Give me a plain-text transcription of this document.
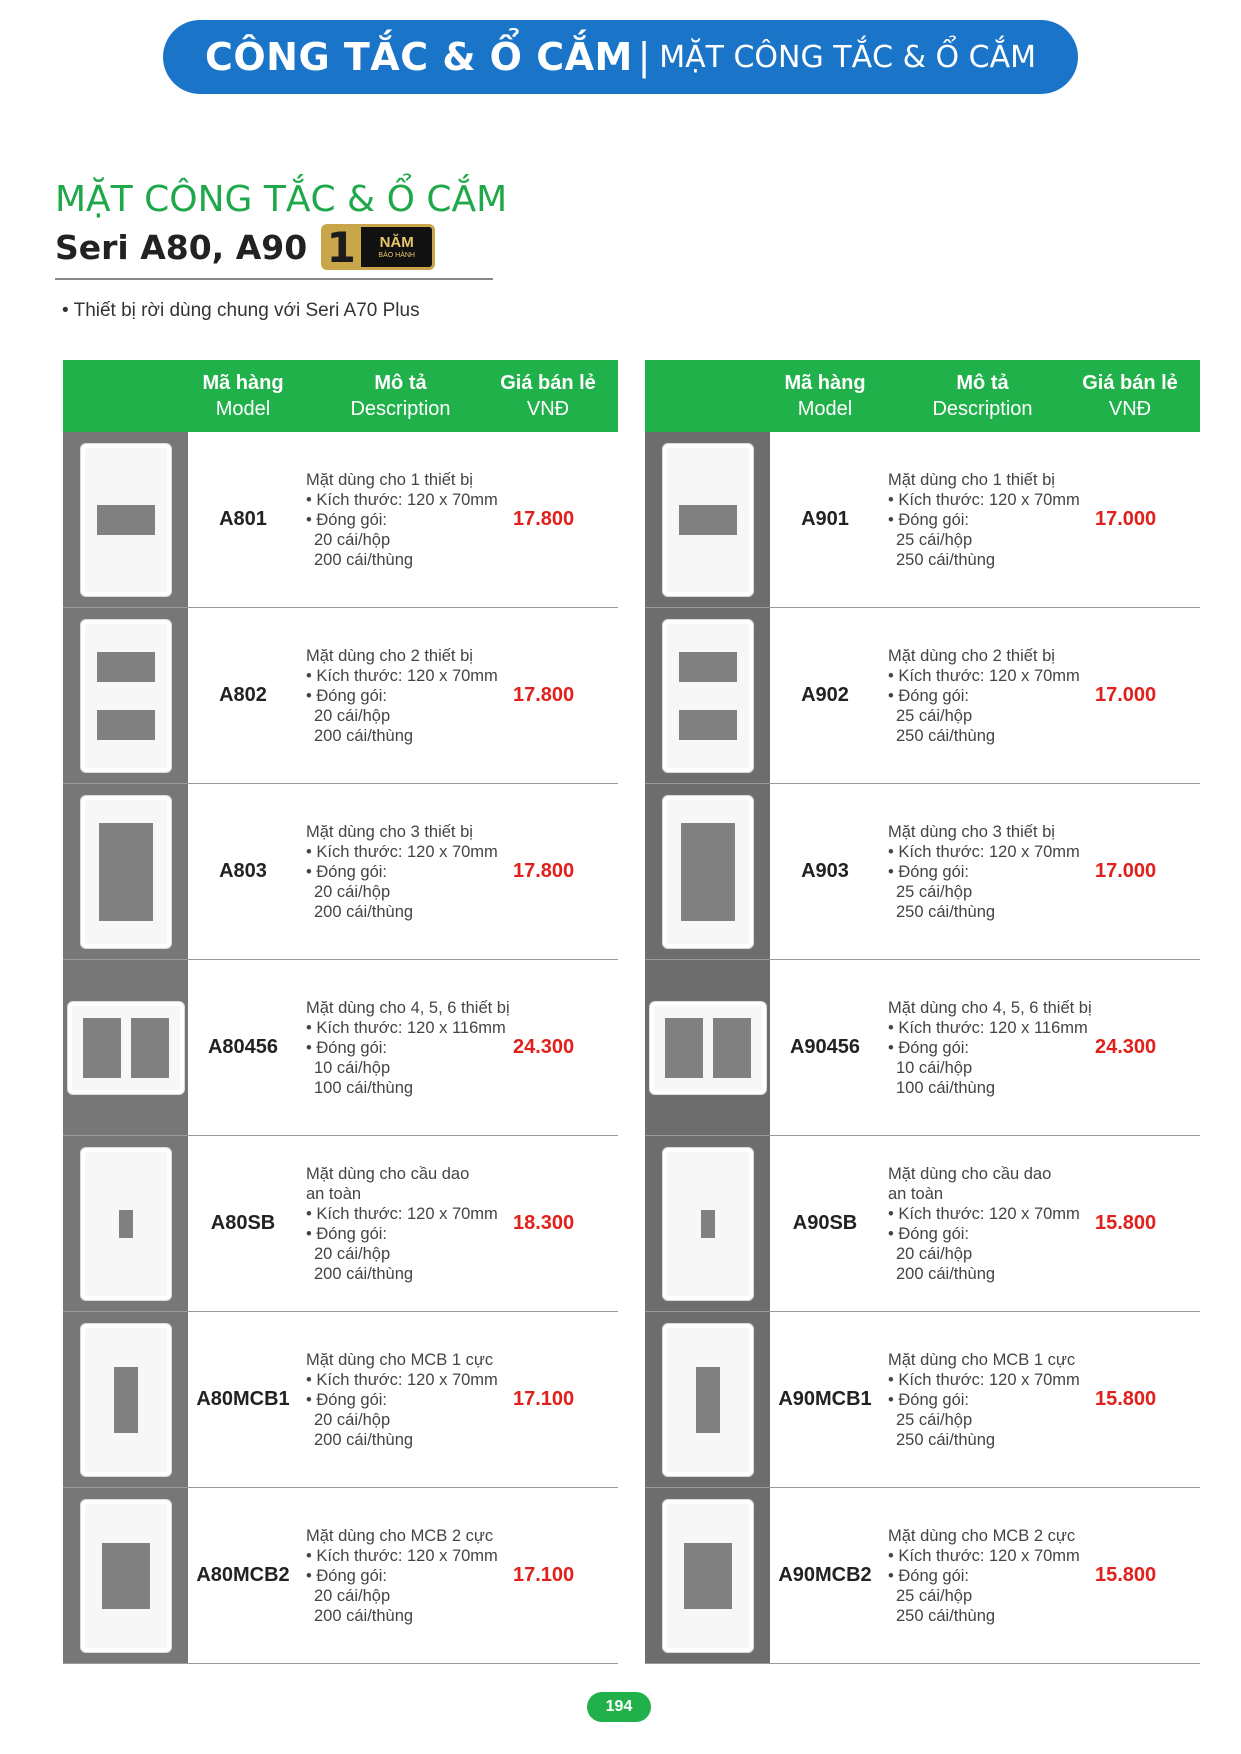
CÔNG TẮC & Ổ CẮM | MẶT CÔNG TẮC & Ổ CẮM
MẶT CÔNG TẮC & Ổ CẮM
Seri A80, A90 1	NĂM
BẢO HÀNH
• Thiết bị rời dùng chung với Seri A70 Plus
Mã hàng
Model
Mô tả
Description
Giá bán lẻ
VNĐ
A801
Mặt dùng cho 1 thiết bị
• Kích thước: 120 x 70mm
• Đóng gói:
20 cái/hộp
200 cái/thùng
17.800
A802
Mặt dùng cho 2 thiết bị
• Kích thước: 120 x 70mm
• Đóng gói:
20 cái/hộp
200 cái/thùng
17.800
A803
Mặt dùng cho 3 thiết bị
• Kích thước: 120 x 70mm
• Đóng gói:
20 cái/hộp
200 cái/thùng
17.800
A80456
Mặt dùng cho 4, 5, 6 thiết bị
• Kích thước: 120 x 116mm
• Đóng gói:
10 cái/hộp
100 cái/thùng
24.300
A80SB
Mặt dùng cho cầu dao
an toàn
• Kích thước: 120 x 70mm
• Đóng gói:
20 cái/hộp
200 cái/thùng
18.300
A80MCB1
Mặt dùng cho MCB 1 cực
• Kích thước: 120 x 70mm
• Đóng gói:
20 cái/hộp
200 cái/thùng
17.100
A80MCB2
Mặt dùng cho MCB 2 cực
• Kích thước: 120 x 70mm
• Đóng gói:
20 cái/hộp
200 cái/thùng
17.100
Mã hàng
Model
Mô tả
Description
Giá bán lẻ
VNĐ
A901
Mặt dùng cho 1 thiết bị
• Kích thước: 120 x 70mm
• Đóng gói:
25 cái/hộp
250 cái/thùng
17.000
A902
Mặt dùng cho 2 thiết bị
• Kích thước: 120 x 70mm
• Đóng gói:
25 cái/hộp
250 cái/thùng
17.000
A903
Mặt dùng cho 3 thiết bị
• Kích thước: 120 x 70mm
• Đóng gói:
25 cái/hộp
250 cái/thùng
17.000
A90456
Mặt dùng cho 4, 5, 6 thiết bị
• Kích thước: 120 x 116mm
• Đóng gói:
10 cái/hộp
100 cái/thùng
24.300
A90SB
Mặt dùng cho cầu dao
an toàn
• Kích thước: 120 x 70mm
• Đóng gói:
20 cái/hộp
200 cái/thùng
15.800
A90MCB1
Mặt dùng cho MCB 1 cực
• Kích thước: 120 x 70mm
• Đóng gói:
25 cái/hộp
250 cái/thùng
15.800
A90MCB2
Mặt dùng cho MCB 2 cực
• Kích thước: 120 x 70mm
• Đóng gói:
25 cái/hộp
250 cái/thùng
15.800
194
